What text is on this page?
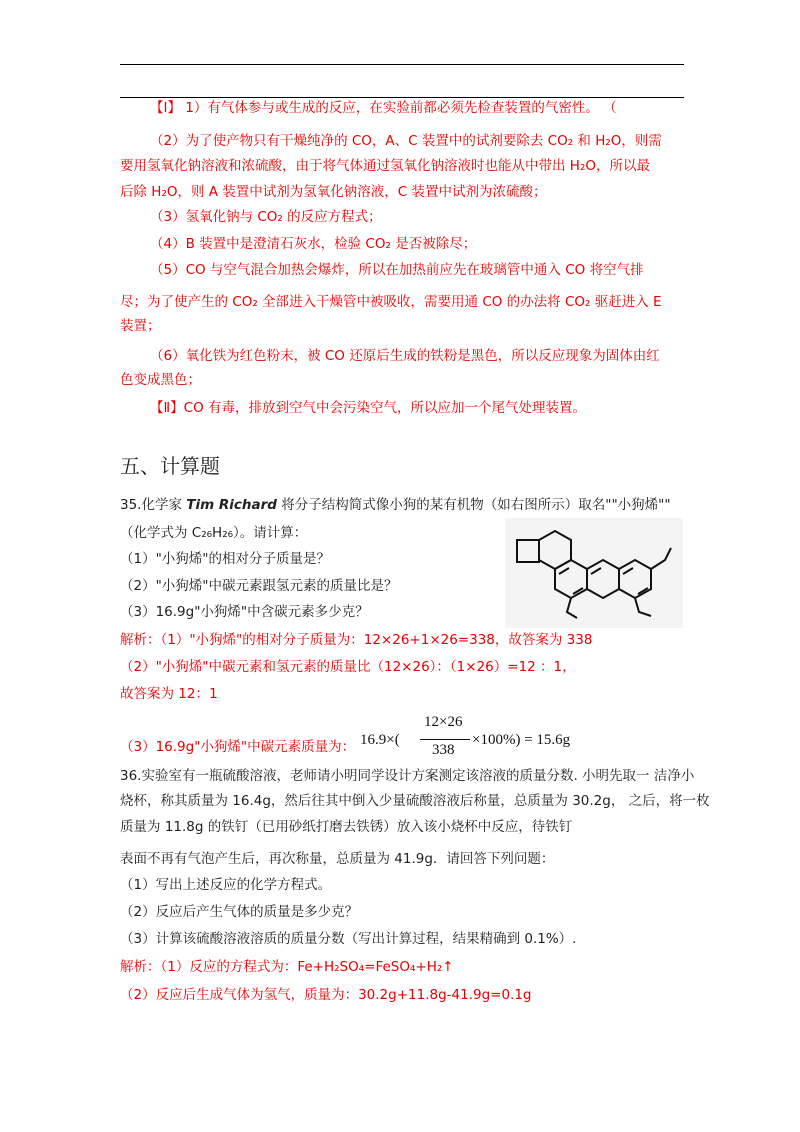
【Ⅰ】 1）有气体参与或生成的反应，在实验前都必须先检查装置的气密性。 （
（2）为了使产物只有干燥纯净的 CO，A、C 装置中的试剂要除去 CO₂ 和 H₂O，则需
要用氢氧化钠溶液和浓硫酸，由于将气体通过氢氧化钠溶液时也能从中带出 H₂O，所以最
后除 H₂O，则 A 装置中试剂为氢氧化钠溶液，C 装置中试剂为浓硫酸；
（3）氢氧化钠与 CO₂ 的反应方程式；
（4）B 装置中是澄清石灰水，检验 CO₂ 是否被除尽；
（5）CO 与空气混合加热会爆炸，所以在加热前应先在玻璃管中通入 CO 将空气排
尽；为了使产生的 CO₂ 全部进入干燥管中被吸收，需要用通 CO 的办法将 CO₂ 驱赶进入 E
装置；
（6）氧化铁为红色粉末，被 CO 还原后生成的铁粉是黑色，所以反应现象为固体由红
色变成黑色；
【Ⅱ】CO 有毒，排放到空气中会污染空气，所以应加一个尾气处理装置。
五、计算题
35.化学家 Tim Richard 将分子结构简式像小狗的某有机物（如右图所示）取名""小狗烯""
（化学式为 C₂₆H₂₆）。请计算：
（1）"小狗烯"的相对分子质量是？
（2）"小狗烯"中碳元素跟氢元素的质量比是？
（3）16.9g"小狗烯"中含碳元素多少克？
解析：（1）"小狗烯"的相对分子质量为：12×26+1×26=338，故答案为 338
（2）"小狗烯"中碳元素和氢元素的质量比（12×26）：（1×26）=12 ：1，
故答案为 12：1
（3）16.9g"小狗烯"中碳元素质量为： 16.9×(
12×26
338
×100%) = 15.6g
36.实验室有一瓶硫酸溶液，老师请小明同学设计方案测定该溶液的质量分数. 小明先取一 洁净小
烧杯，称其质量为 16.4g，然后往其中倒入少量硫酸溶液后称量，总质量为 30.2g， 之后，将一枚
质量为 11.8g 的铁钉（已用砂纸打磨去铁锈）放入该小烧杯中反应，待铁钉
表面不再有气泡产生后，再次称量，总质量为 41.9g．请回答下列问题：
（1）写出上述反应的化学方程式。
（2）反应后产生气体的质量是多少克？
（3）计算该硫酸溶液溶质的质量分数（写出计算过程，结果精确到 0.1%）.
解析：（1）反应的方程式为：Fe+H₂SO₄=FeSO₄+H₂↑
（2）反应后生成气体为氢气，质量为：30.2g+11.8g-41.9g=0.1g
